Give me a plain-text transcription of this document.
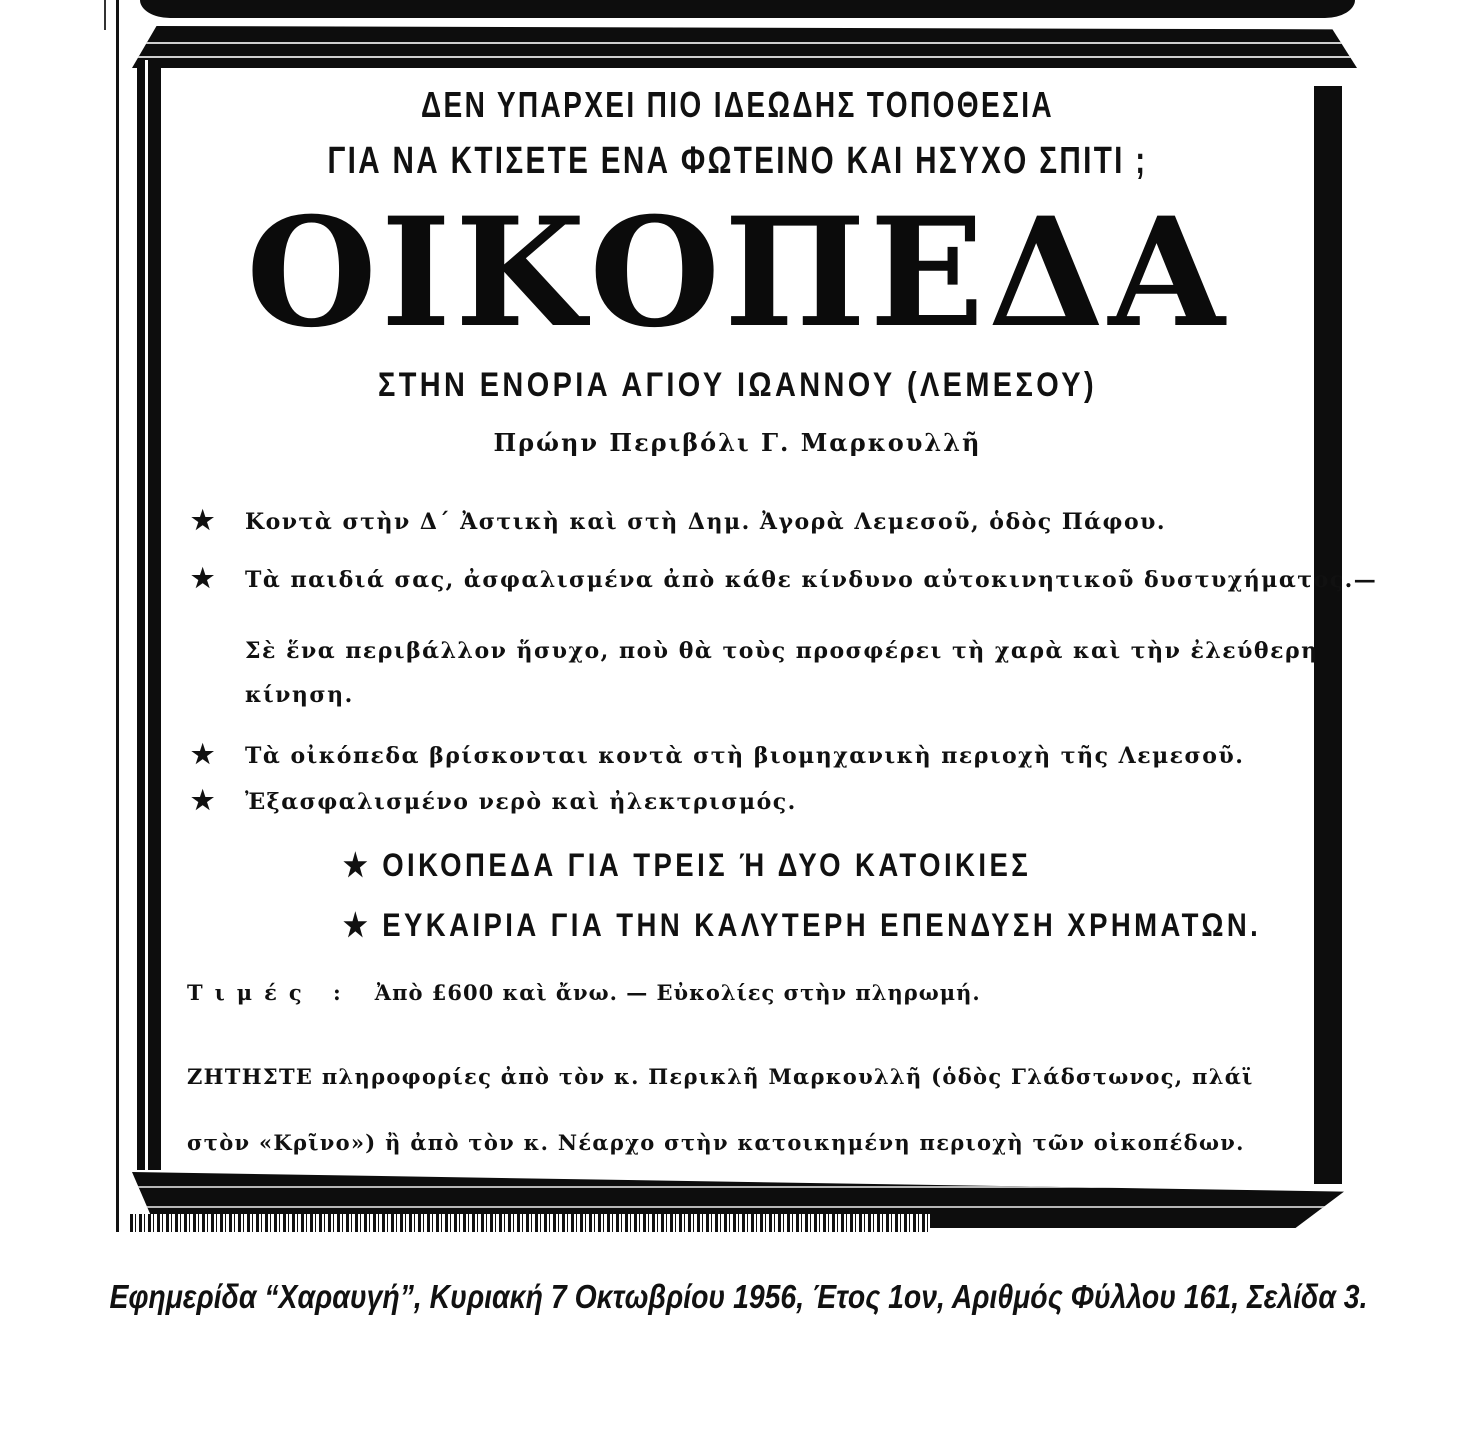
ΔΕΝ ΥΠΑΡΧΕΙ ΠΙΟ ΙΔΕΩΔΗΣ ΤΟΠΟΘΕΣΙΑ
ΓΙΑ ΝΑ ΚΤΙΣΕΤΕ ΕΝΑ ΦΩΤΕΙΝΟ ΚΑΙ ΗΣΥΧΟ ΣΠΙΤΙ ;
ΟΙΚΟΠΕΔΑ
ΣΤΗΝ ΕΝΟΡΙΑ ΑΓΙΟΥ ΙΩΑΝΝΟΥ (ΛΕΜΕΣΟΥ)
Πρώην Περιβόλι Γ. Μαρκουλλῆ
★ Κοντὰ στὴν Δ΄ Ἀστικὴ καὶ στὴ Δημ. Ἀγορὰ Λεμεσοῦ, ὁδὸς Πάφου.
★ Τὰ παιδιά σας, ἀσφαλισμένα ἀπὸ κάθε κίνδυνο αὐτοκινητικοῦ δυστυχήματος.—
Σὲ ἕνα περιβάλλον ἥσυχο, ποὺ θὰ τοὺς προσφέρει τὴ χαρὰ καὶ τὴν ἐλεύθερη
κίνηση.
★ Τὰ οἰκόπεδα βρίσκονται κοντὰ στὴ βιομηχανικὴ περιοχὴ τῆς Λεμεσοῦ.
★ Ἐξασφαλισμένο νερὸ καὶ ἠλεκτρισμός.
★ ΟΙΚΟΠΕΔΑ ΓΙΑ ΤΡΕΙΣ Ή ΔΥΟ ΚΑΤΟΙΚΙΕΣ
★ ΕΥΚΑΙΡΙΑ ΓΙΑ ΤΗΝ ΚΑΛΥΤΕΡΗ ΕΠΕΝΔΥΣΗ ΧΡΗΜΑΤΩΝ.
Τιμές : Ἀπὸ £600 καὶ ἄνω. — Εὐκολίες στὴν πληρωμή.
ΖΗΤΗΣΤΕ πληροφορίες ἀπὸ τὸν κ. Περικλῆ Μαρκουλλῆ (ὁδὸς Γλάδστωνος, πλάϊ
στὸν «Κρῖνο») ἢ ἀπὸ τὸν κ. Νέαρχο στὴν κατοικημένη περιοχὴ τῶν οἰκοπέδων.
Εφημερίδα “Χαραυγή”, Κυριακή 7 Οκτωβρίου 1956, Έτος 1ον, Αριθμός Φύλλου 161, Σελίδα 3.
